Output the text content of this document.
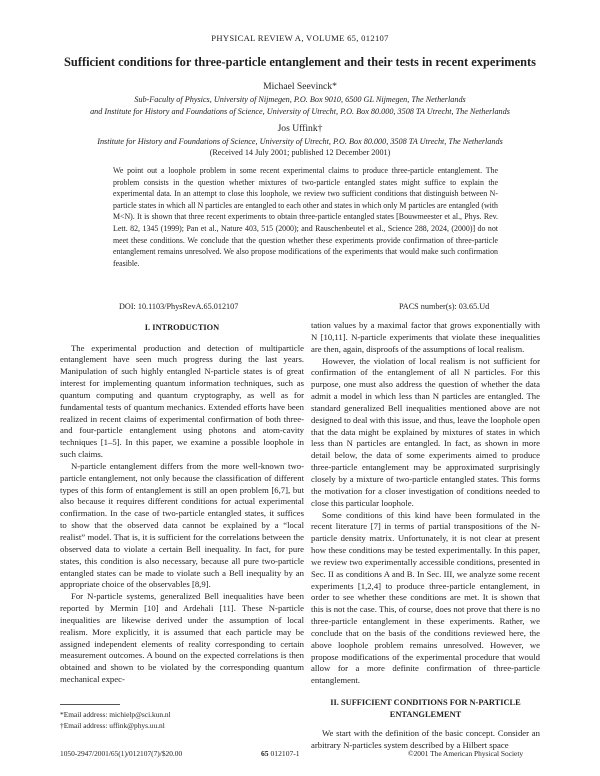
PHYSICAL REVIEW A, VOLUME 65, 012107
Sufficient conditions for three-particle entanglement and their tests in recent experiments
Michael Seevinck*
Sub-Faculty of Physics, University of Nijmegen, P.O. Box 9010, 6500 GL Nijmegen, The Netherlands
and Institute for History and Foundations of Science, University of Utrecht, P.O. Box 80.000, 3508 TA Utrecht, The Netherlands
Jos Uffink†
Institute for History and Foundations of Science, University of Utrecht, P.O. Box 80.000, 3508 TA Utrecht, The Netherlands
(Received 14 July 2001; published 12 December 2001)

We point out a loophole problem in some recent experimental claims to produce three-particle entanglement. The problem consists in the question whether mixtures of two-particle entangled states might suffice to explain the experimental data. In an attempt to close this loophole, we review two sufficient conditions that distinguish between N-particle states in which all N particles are entangled to each other and states in which only M particles are entangled (with M<N). It is shown that three recent experiments to obtain three-particle entangled states [Bouwmeester et al., Phys. Rev. Lett. 82, 1345 (1999); Pan et al., Nature 403, 515 (2000); and Rauschenbeutel et al., Science 288, 2024, (2000)] do not meet these conditions. We conclude that the question whether these experiments provide confirmation of three-particle entanglement remains unresolved. We also propose modifications of the experiments that would make such confirmation feasible.

DOI: 10.1103/PhysRevA.65.012107	PACS number(s): 03.65.Ud
I. INTRODUCTION

The experimental production and detection of multiparticle entanglement have seen much progress during the last years. Manipulation of such highly entangled N-particle states is of great interest for implementing quantum information techniques, such as quantum computing and quantum cryptography, as well as for fundamental tests of quantum mechanics. Extended efforts have been realized in recent claims of experimental confirmation of both three- and four-particle entanglement using photons and atom-cavity techniques [1–5]. In this paper, we examine a possible loophole in such claims.

N-particle entanglement differs from the more well-known two-particle entanglement, not only because the classification of different types of this form of entanglement is still an open problem [6,7], but also because it requires different conditions for actual experimental confirmation. In the case of two-particle entangled states, it suffices to show that the observed data cannot be explained by a “local realist” model. That is, it is sufficient for the correlations between the observed data to violate a certain Bell inequality. In fact, for pure states, this condition is also necessary, because all pure two-particle entangled states can be made to violate such a Bell inequality by an appropriate choice of the observables [8,9].

For N-particle systems, generalized Bell inequalities have been reported by Mermin [10] and Ardehali [11]. These N-particle inequalities are likewise derived under the assumption of local realism. More explicitly, it is assumed that each particle may be assigned independent elements of reality corresponding to certain measurement outcomes. A bound on the expected correlations is then obtained and shown to be violated by the corresponding quantum mechanical expec-

tation values by a maximal factor that grows exponentially with N [10,11]. N-particle experiments that violate these inequalities are then, again, disproofs of the assumptions of local realism.

However, the violation of local realism is not sufficient for confirmation of the entanglement of all N particles. For this purpose, one must also address the question of whether the data admit a model in which less than N particles are entangled. The standard generalized Bell inequalities mentioned above are not designed to deal with this issue, and thus, leave the loophole open that the data might be explained by mixtures of states in which less than N particles are entangled. In fact, as shown in more detail below, the data of some experiments aimed to produce three-particle entanglement may be approximated surprisingly closely by a mixture of two-particle entangled states. This forms the motivation for a closer investigation of conditions needed to close this particular loophole.

Some conditions of this kind have been formulated in the recent literature [7] in terms of partial transpositions of the N-particle density matrix. Unfortunately, it is not clear at present how these conditions may be tested experimentally. In this paper, we review two experimentally accessible conditions, presented in Sec. II as conditions A and B. In Sec. III, we analyze some recent experiments [1,2,4] to produce three-particle entanglement, in order to see whether these conditions are met. It is shown that this is not the case. This, of course, does not prove that there is no three-particle entanglement in these experiments. Rather, we conclude that on the basis of the conditions reviewed here, the above loophole problem remains unresolved. However, we propose modifications of the experimental procedure that would allow for a more definite confirmation of three-particle entanglement.

II. SUFFICIENT CONDITIONS FOR N-PARTICLE
ENTANGLEMENT

We start with the definition of the basic concept. Consider an arbitrary N-particles system described by a Hilbert space

*Email address: michielp@sci.kun.nl
†Email address: uffink@phys.uu.nl
1050-2947/2001/65(1)/012107(7)/$20.00	65 012107-1	©2001 The American Physical Society
